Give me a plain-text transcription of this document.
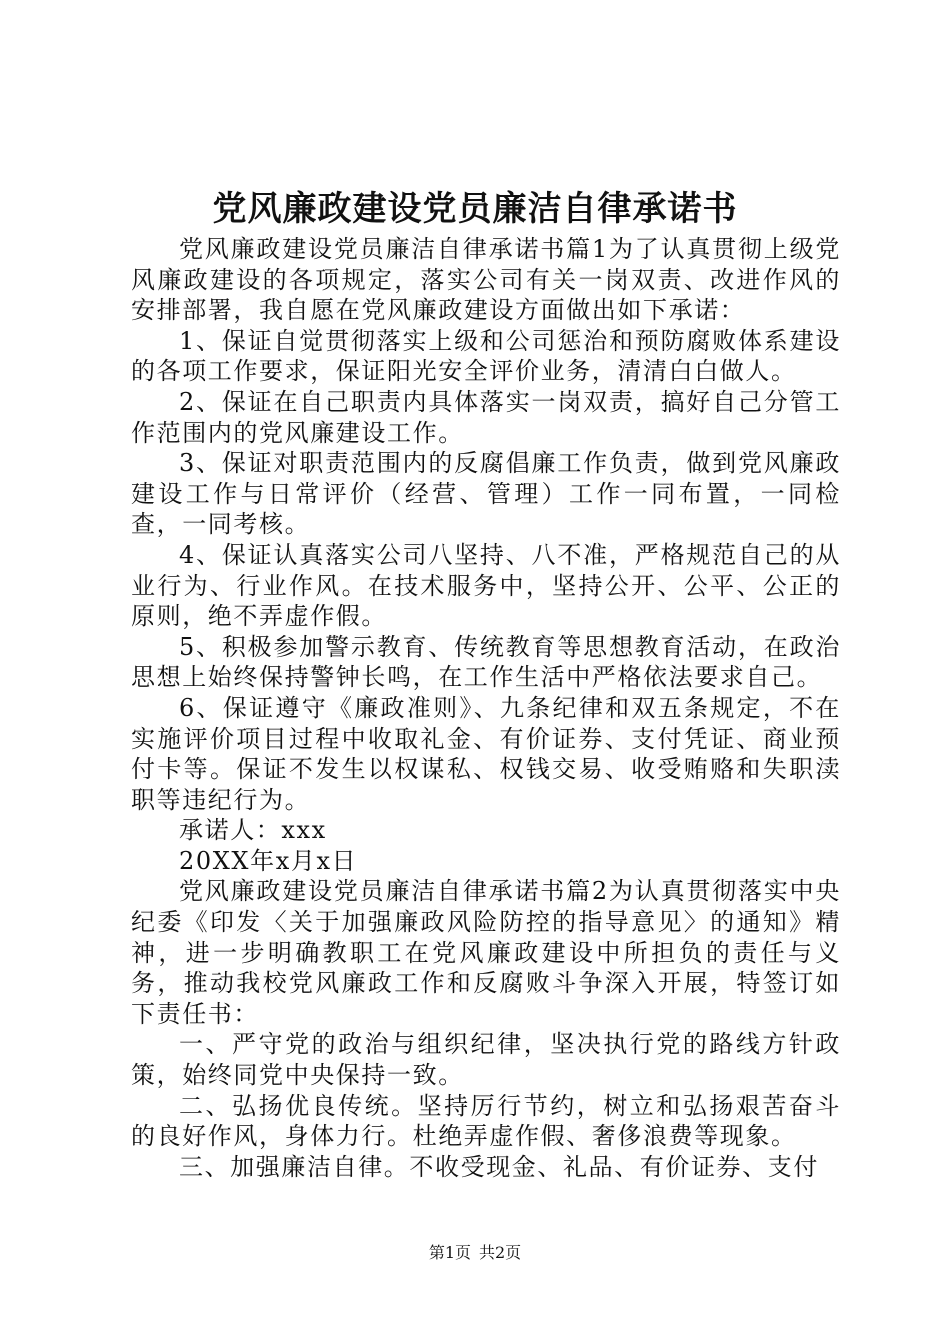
党风廉政建设党员廉洁自律承诺书

党风廉政建设党员廉洁自律承诺书篇1为了认真贯彻上级党风廉政建设的各项规定，落实公司有关一岗双责、改进作风的安排部署，我自愿在党风廉政建设方面做出如下承诺：

1、保证自觉贯彻落实上级和公司惩治和预防腐败体系建设的各项工作要求，保证阳光安全评价业务，清清白白做人。

2、保证在自己职责内具体落实一岗双责，搞好自己分管工作范围内的党风廉建设工作。

3、保证对职责范围内的反腐倡廉工作负责，做到党风廉政建设工作与日常评价（经营、管理）工作一同布置，一同检查，一同考核。

4、保证认真落实公司八坚持、八不准，严格规范自己的从业行为、行业作风。在技术服务中，坚持公开、公平、公正的原则，绝不弄虚作假。

5、积极参加警示教育、传统教育等思想教育活动，在政治思想上始终保持警钟长鸣，在工作生活中严格依法要求自己。

6、保证遵守《廉政准则》、九条纪律和双五条规定，不在实施评价项目过程中收取礼金、有价证券、支付凭证、商业预付卡等。保证不发生以权谋私、权钱交易、收受贿赂和失职渎职等违纪行为。

承诺人：xxx

20XX年x月x日

党风廉政建设党员廉洁自律承诺书篇2为认真贯彻落实中央纪委《印发〈关于加强廉政风险防控的指导意见〉的通知》精神，进一步明确教职工在党风廉政建设中所担负的责任与义务，推动我校党风廉政工作和反腐败斗争深入开展，特签订如下责任书：

一、严守党的政治与组织纪律，坚决执行党的路线方针政策，始终同党中央保持一致。

二、弘扬优良传统。坚持厉行节约，树立和弘扬艰苦奋斗的良好作风，身体力行。杜绝弄虚作假、奢侈浪费等现象。

三、加强廉洁自律。不收受现金、礼品、有价证券、支付

第1页 共2页
